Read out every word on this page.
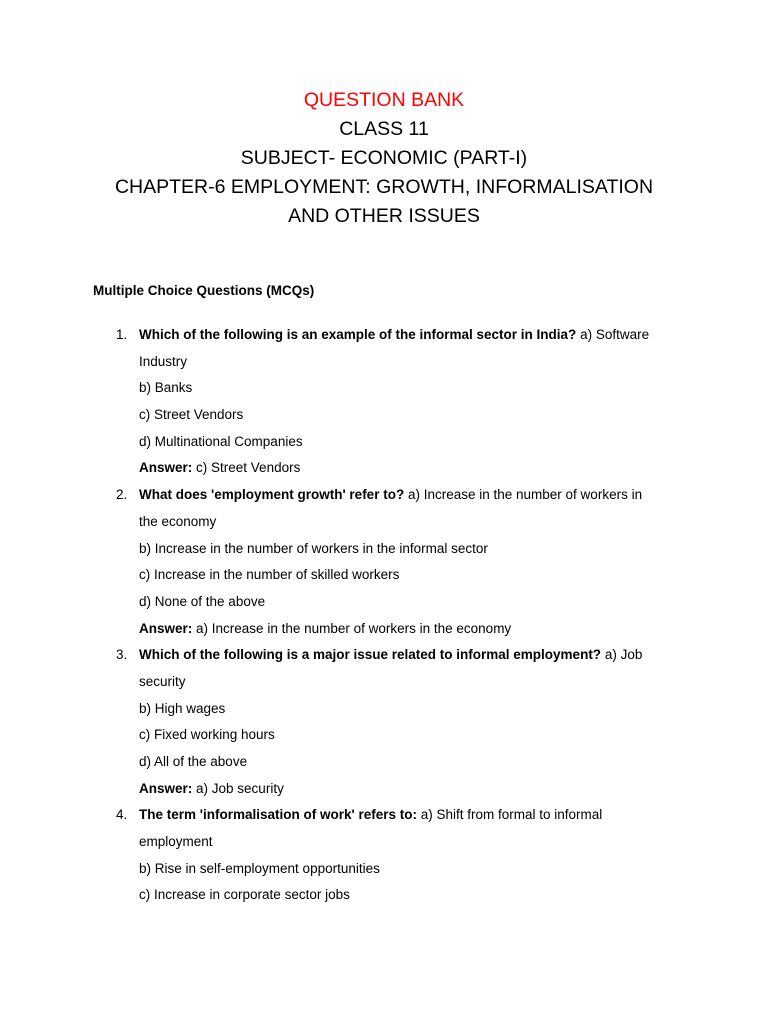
QUESTION BANK
CLASS 11
SUBJECT- ECONOMIC (PART-I)
CHAPTER-6 EMPLOYMENT: GROWTH, INFORMALISATION
AND OTHER ISSUES
Multiple Choice Questions (MCQs)
1. Which of the following is an example of the informal sector in India? a) Software
Industry
b) Banks
c) Street Vendors
d) Multinational Companies
Answer: c) Street Vendors
2. What does 'employment growth' refer to? a) Increase in the number of workers in
the economy
b) Increase in the number of workers in the informal sector
c) Increase in the number of skilled workers
d) None of the above
Answer: a) Increase in the number of workers in the economy
3. Which of the following is a major issue related to informal employment? a) Job
security
b) High wages
c) Fixed working hours
d) All of the above
Answer: a) Job security
4. The term 'informalisation of work' refers to: a) Shift from formal to informal
employment
b) Rise in self-employment opportunities
c) Increase in corporate sector jobs
